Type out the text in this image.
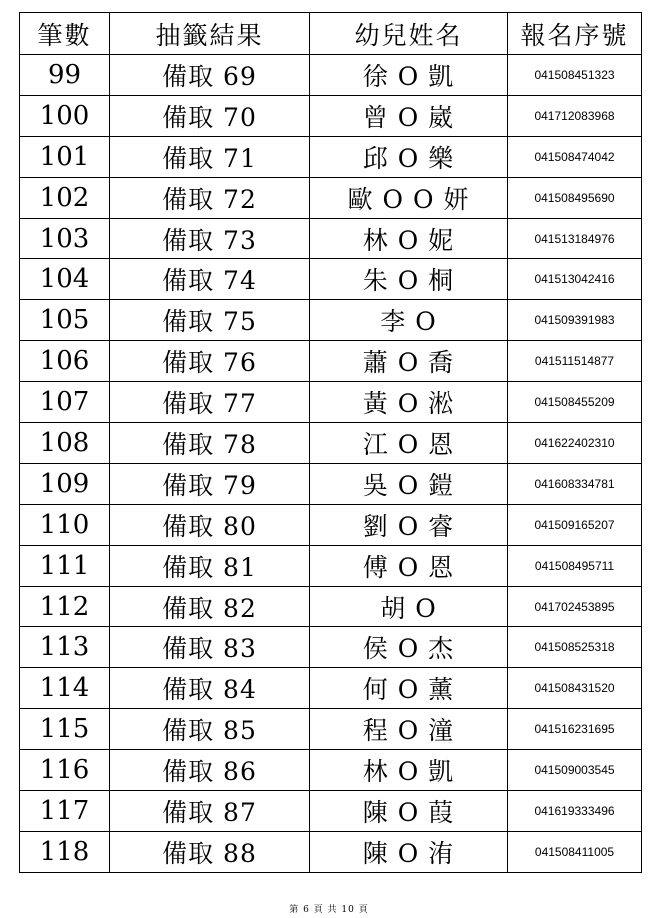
筆數	抽籤結果	幼兒姓名	報名序號
99	備取 69	徐 O 凱	041508451323
100	備取 70	曾 O 崴	041712083968
101	備取 71	邱 O 樂	041508474042
102	備取 72	歐 O O 妍	041508495690
103	備取 73	林 O 妮	041513184976
104	備取 74	朱 O 桐	041513042416
105	備取 75	李 O	041509391983
106	備取 76	蕭 O 喬	041511514877
107	備取 77	黃 O 淞	041508455209
108	備取 78	江 O 恩	041622402310
109	備取 79	吳 O 鎧	041608334781
110	備取 80	劉 O 睿	041509165207
111	備取 81	傅 O 恩	041508495711
112	備取 82	胡 O	041702453895
113	備取 83	侯 O 杰	041508525318
114	備取 84	何 O 薰	041508431520
115	備取 85	程 O 潼	041516231695
116	備取 86	林 O 凱	041509003545
117	備取 87	陳 O 葭	041619333496
118	備取 88	陳 O 洧	041508411005
第 6 頁 共 10 頁
